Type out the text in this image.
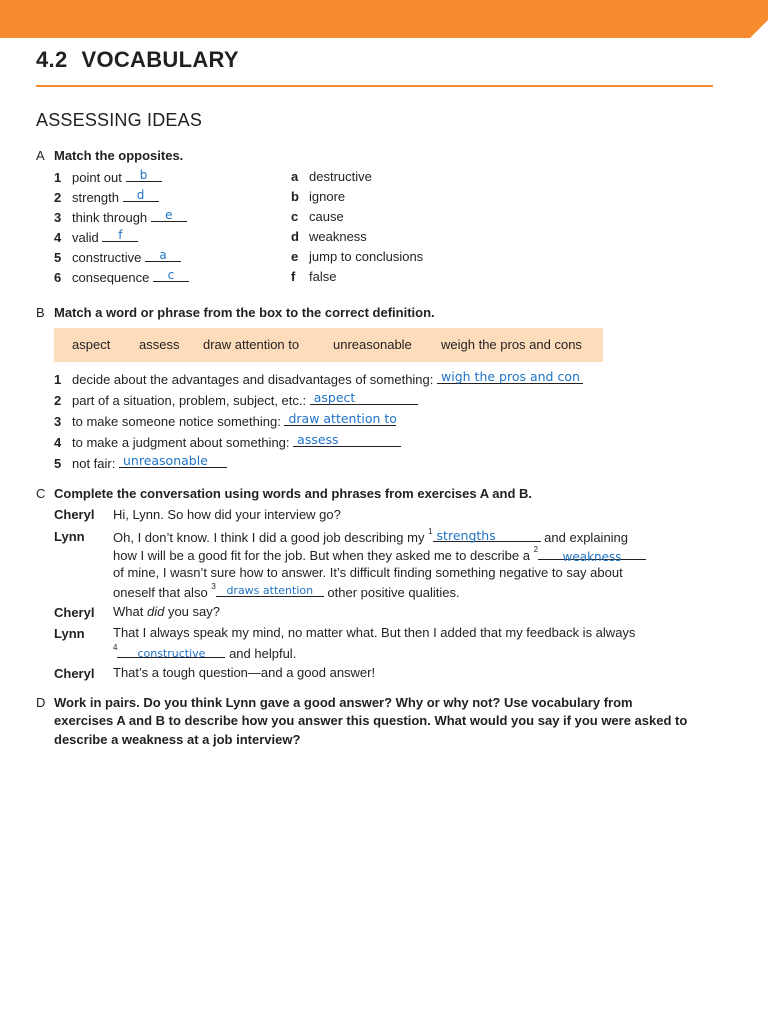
4.2 VOCABULARY
ASSESSING IDEAS
A Match the opposites.
1 point out	b
2 strength	d
3 think through	e
4 valid	f
5 constructive	a
6 consequence	c
a destructive
b ignore
c cause
d weakness
e jump to conclusions
f false
B Match a word or phrase from the box to the correct definition.
aspect assess draw attention to	unreasonable weigh the pros and cons
1 decide about the advantages and disadvantages of something: wigh the pros and con
2 part of a situation, problem, subject, etc.: aspect
3 to make someone notice something: draw attention to
4 to make a judgment about something: assess
5 not fair: unreasonable
C Complete the conversation using words and phrases from exercises A and B.
Cheryl Hi, Lynn. So how did your interview go?
Lynn Oh, I don’t know. I think I did a good job describing my $^1$ strengths	and explaining
how I will be a good fit for the job. But when they asked me to describe a $^2$
weakness
of mine, I wasn’t sure how to answer. It’s difficult finding something negative to say about
oneself that also $^3$ draws attention	other positive qualities.
Cheryl What did you say?
Lynn That I always speak my mind, no matter what. But then I added that my feedback is always
$^4$	constructive	and helpful.
Cheryl That’s a tough question—and a good answer!
D Work in pairs. Do you think Lynn gave a good answer? Why or why not? Use vocabulary from
exercises A and B to describe how you answer this question. What would you say if you were asked to
describe a weakness at a job interview?
